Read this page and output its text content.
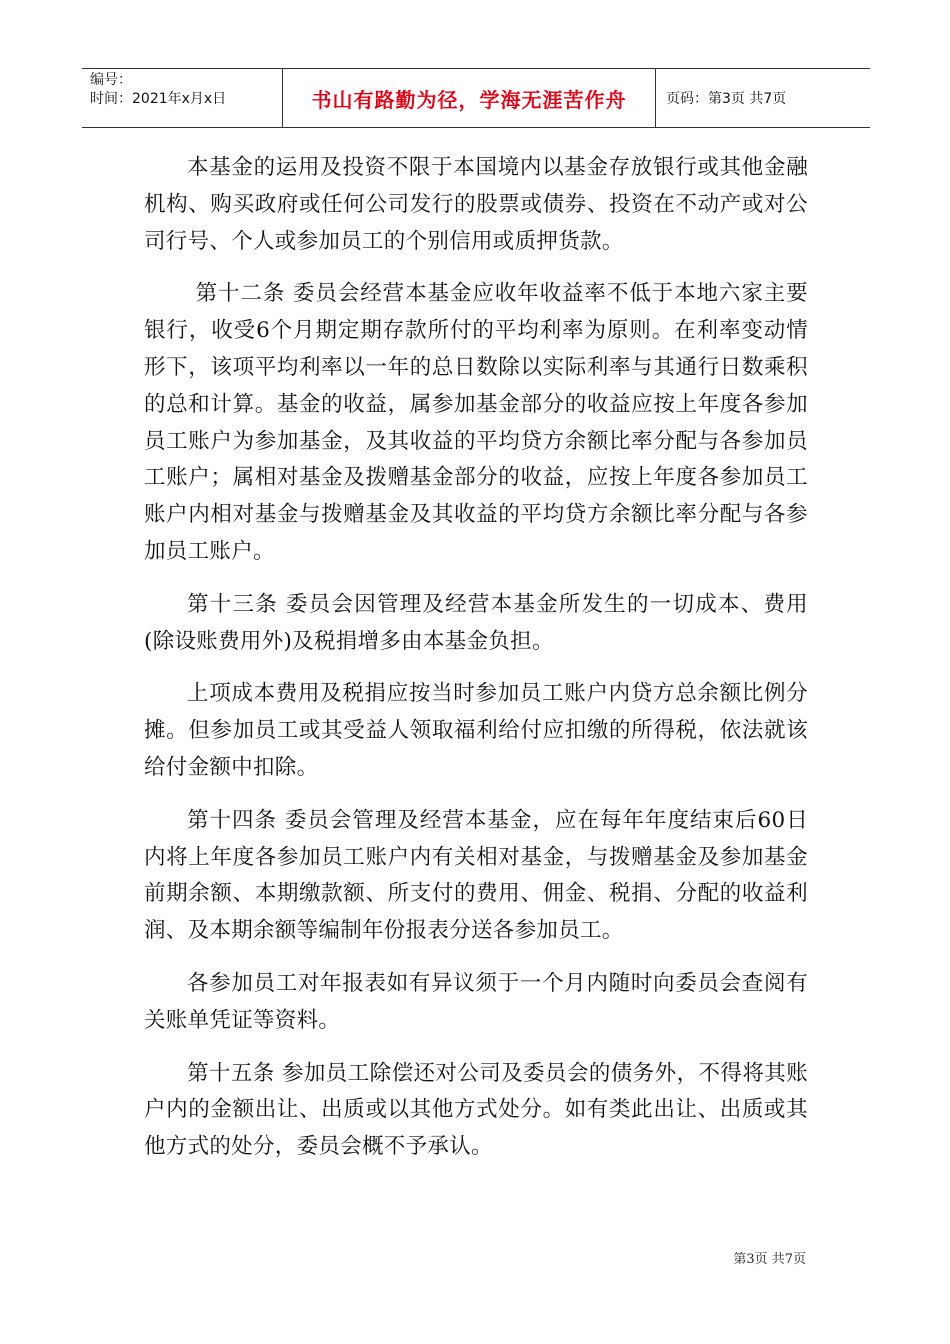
编号：
时间：2021年x月x日	书山有路勤为径，学海无涯苦作舟	页码：第3页 共7页

本基金的运用及投资不限于本国境内以基金存放银行或其他金融机构、购买政府或任何公司发行的股票或债券、投资在不动产或对公司行号、个人或参加员工的个别信用或质押货款。

第十二条 委员会经营本基金应收年收益率不低于本地六家主要银行，收受6个月期定期存款所付的平均利率为原则。在利率变动情形下，该项平均利率以一年的总日数除以实际利率与其通行日数乘积的总和计算。基金的收益，属参加基金部分的收益应按上年度各参加员工账户为参加基金，及其收益的平均贷方余额比率分配与各参加员工账户；属相对基金及拨赠基金部分的收益，应按上年度各参加员工账户内相对基金与拨赠基金及其收益的平均贷方余额比率分配与各参加员工账户。

第十三条 委员会因管理及经营本基金所发生的一切成本、费用(除设账费用外)及税捐增多由本基金负担。

上项成本费用及税捐应按当时参加员工账户内贷方总余额比例分摊。但参加员工或其受益人领取福利给付应扣缴的所得税，依法就该给付金额中扣除。

第十四条 委员会管理及经营本基金，应在每年年度结束后60日内将上年度各参加员工账户内有关相对基金，与拨赠基金及参加基金前期余额、本期缴款额、所支付的费用、佣金、税捐、分配的收益利润、及本期余额等编制年份报表分送各参加员工。

各参加员工对年报表如有异议须于一个月内随时向委员会查阅有关账单凭证等资料。

第十五条 参加员工除偿还对公司及委员会的债务外，不得将其账户内的金额出让、出质或以其他方式处分。如有类此出让、出质或其他方式的处分，委员会概不予承认。

第3页 共7页
